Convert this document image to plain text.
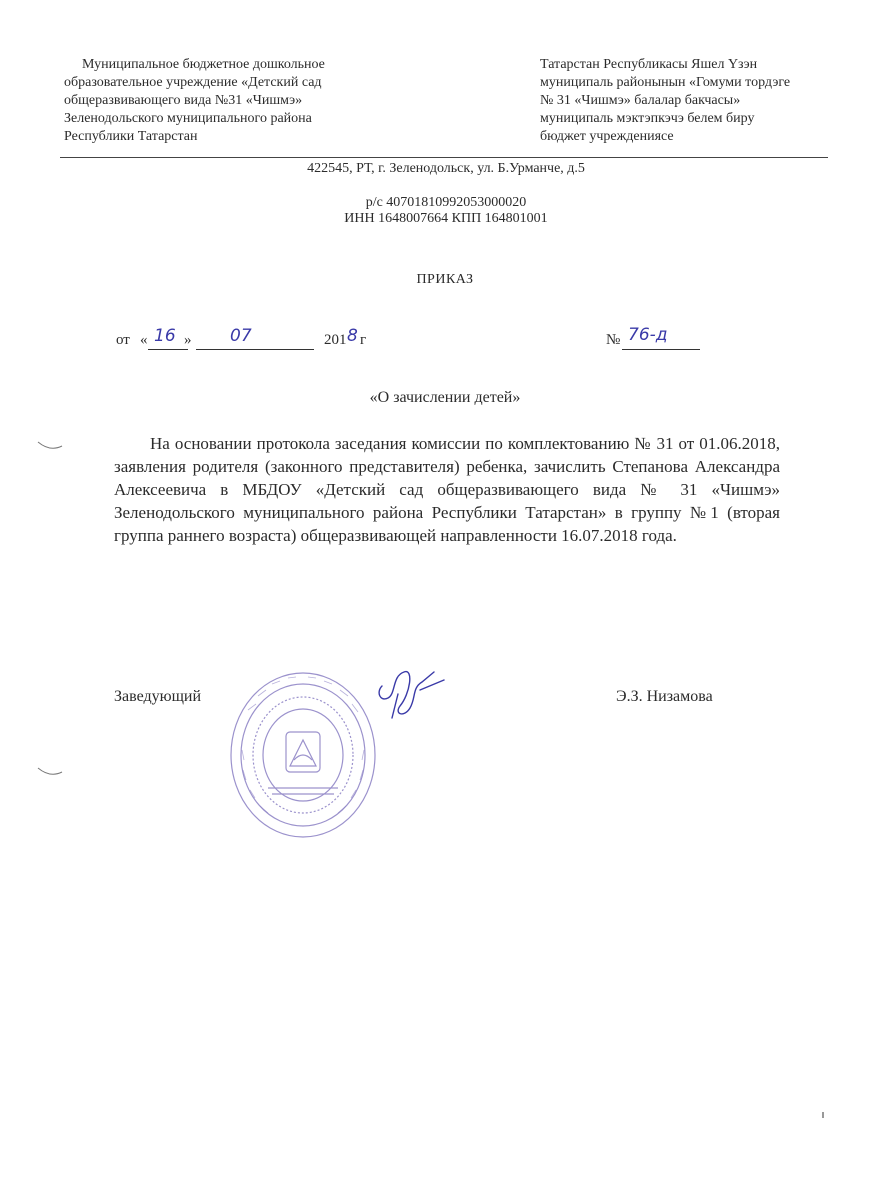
Муниципальное бюджетное дошкольное
образовательное учреждение «Детский сад
общеразвивающего вида №31 «Чишмэ»
Зеленодольского муниципального района
Республики Татарстан
Татарстан Республикасы Яшел Үзэн
муниципаль районынын «Гомуми тордэге
№ 31 «Чишмэ» балалар бакчасы»
муниципаль мэктэпкэчэ белем биру
бюджет учреждениясе
422545, РТ, г. Зеленодольск, ул. Б.Урманче, д.5
р/с 40701810992053000020
ИНН 1648007664 КПП 164801001
ПРИКАЗ
от « 16 » 07	201 8 г	№ 76-д
«О зачислении детей»
На основании протокола заседания комиссии по комплектованию № 31 от 01.06.2018, заявления родителя (законного представителя) ребенка, зачислить Степанова Александра Алексеевича в МБДОУ «Детский сад общеразвивающего вида № 31 «Чишмэ» Зеленодольского муниципального района Республики Татарстан» в группу №1 (вторая группа раннего возраста) общеразвивающей направленности 16.07.2018 года.
Заведующий	Э.З. Низамова
